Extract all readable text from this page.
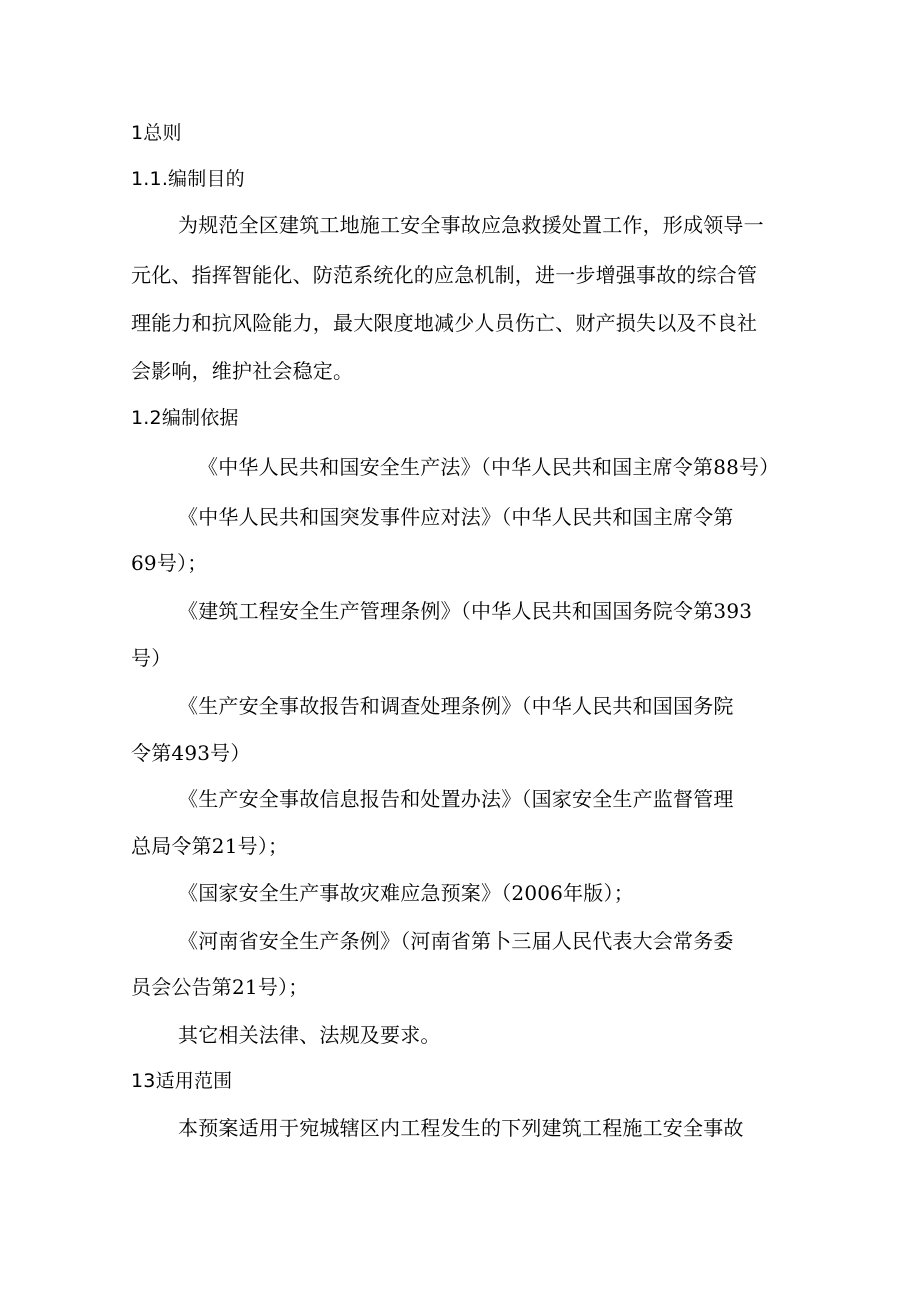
1总则
1.1.编制目的
为规范全区建筑工地施工安全事故应急救援处置工作，形成领导一
元化、指挥智能化、防范系统化的应急机制，进一步增强事故的综合管
理能力和抗风险能力，最大限度地减少人员伤亡、财产损失以及不良社
会影响，维护社会稳定。
1.2编制依据
《中华人民共和国安全生产法》（中华人民共和国主席令第88号）
《中华人民共和国突发事件应对法》（中华人民共和国主席令第
69号）；
《建筑工程安全生产管理条例》（中华人民共和国国务院令第393
号）
《生产安全事故报告和调查处理条例》（中华人民共和国国务院
令第493号）
《生产安全事故信息报告和处置办法》（国家安全生产监督管理
总局令第21号）；
《国家安全生产事故灾难应急预案》（2006年版）；
《河南省安全生产条例》（河南省第卜三届人民代表大会常务委
员会公告第21号）；
其它相关法律、法规及要求。
13适用范围
本预案适用于宛城辖区内工程发生的下列建筑工程施工安全事故
